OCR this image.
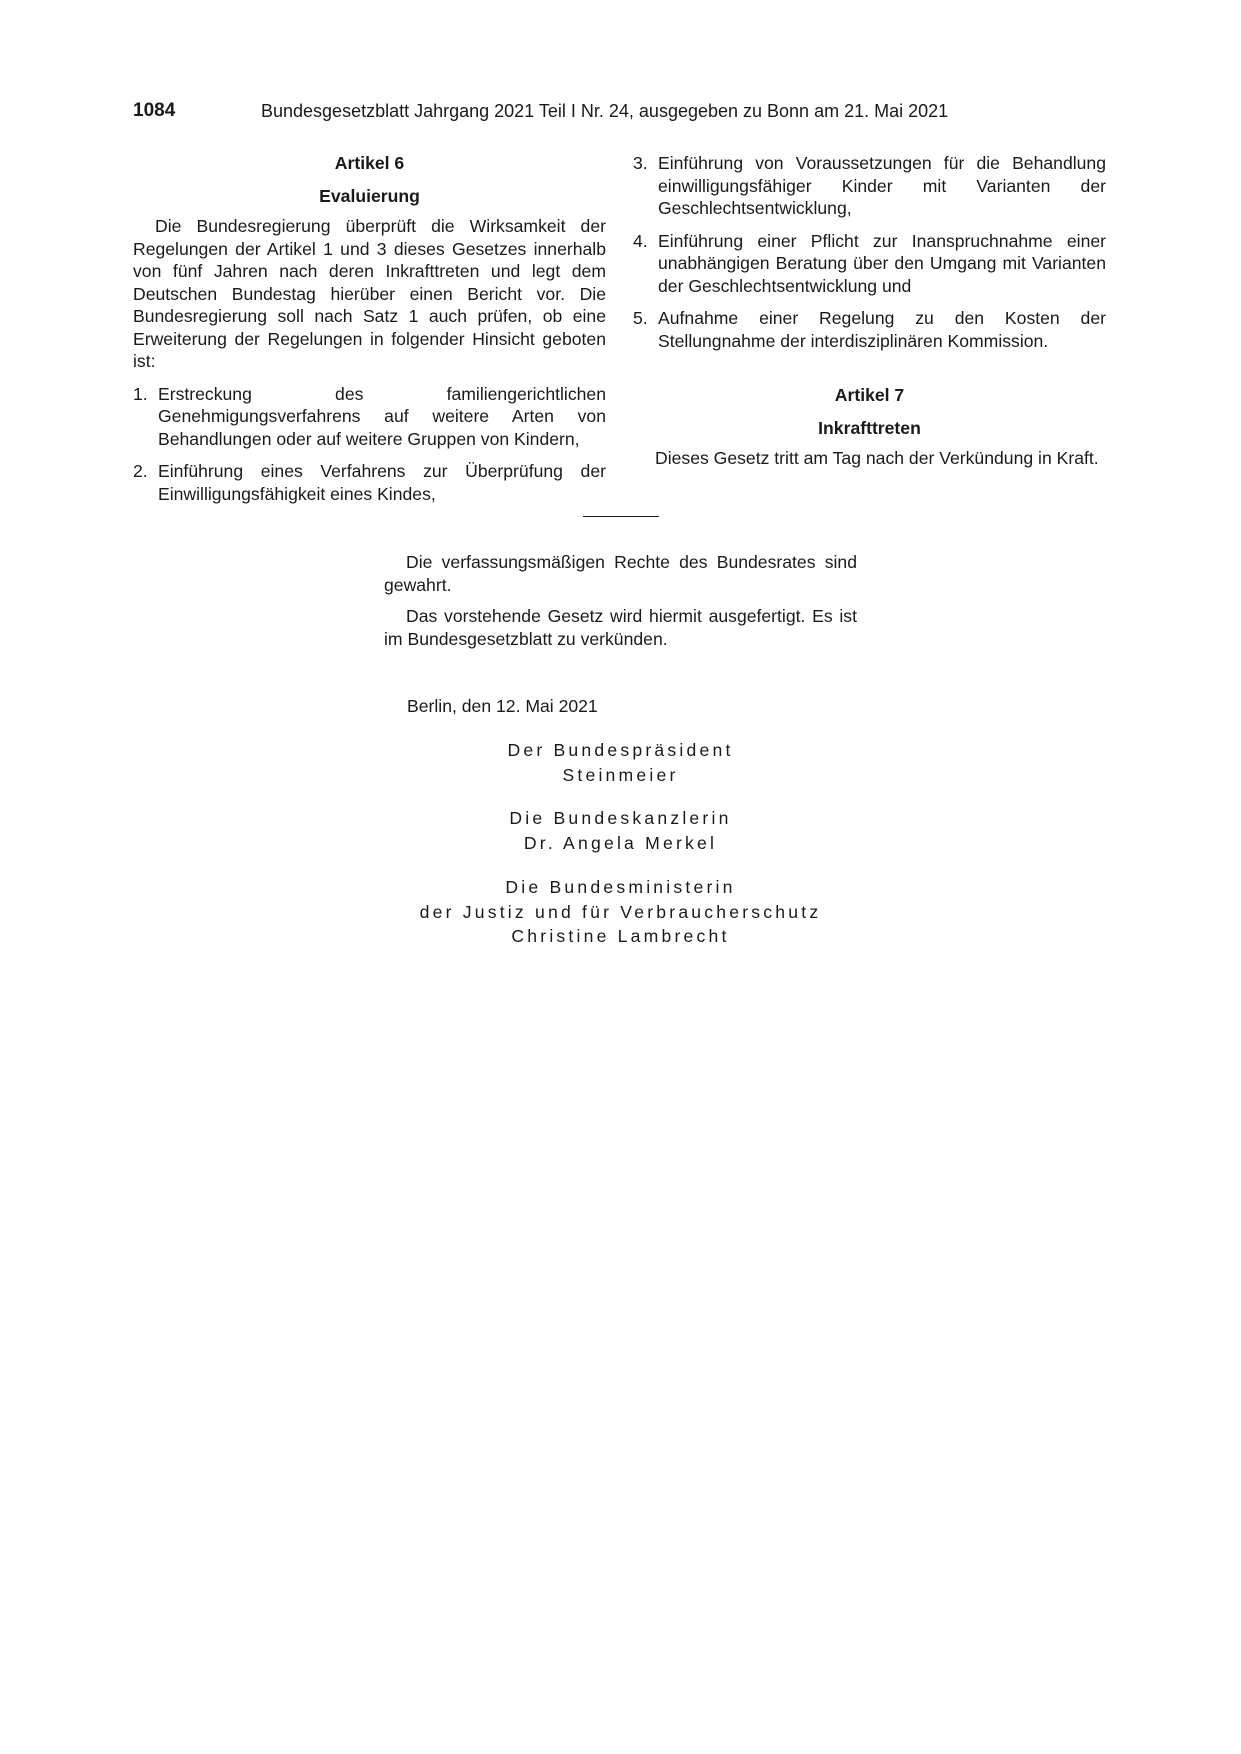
1084	Bundesgesetzblatt Jahrgang 2021 Teil I Nr. 24, ausgegeben zu Bonn am 21. Mai 2021
Artikel 6
Evaluierung

Die Bundesregierung überprüft die Wirksamkeit der Regelungen der Artikel 1 und 3 dieses Gesetzes innerhalb von fünf Jahren nach deren Inkrafttreten und legt dem Deutschen Bundestag hierüber einen Bericht vor. Die Bundesregierung soll nach Satz 1 auch prüfen, ob eine Erweiterung der Regelungen in folgender Hinsicht geboten ist:

1. Erstreckung des familiengerichtlichen Genehmigungsverfahrens auf weitere Arten von Behandlungen oder auf weitere Gruppen von Kindern,
2. Einführung eines Verfahrens zur Überprüfung der Einwilligungsfähigkeit eines Kindes,
3. Einführung von Voraussetzungen für die Behandlung einwilligungsfähiger Kinder mit Varianten der Geschlechtsentwicklung,
4. Einführung einer Pflicht zur Inanspruchnahme einer unabhängigen Beratung über den Umgang mit Varianten der Geschlechtsentwicklung und
5. Aufnahme einer Regelung zu den Kosten der Stellungnahme der interdisziplinären Kommission.
Artikel 7
Inkrafttreten

Dieses Gesetz tritt am Tag nach der Verkündung in Kraft.

Die verfassungsmäßigen Rechte des Bundesrates sind gewahrt.

Das vorstehende Gesetz wird hiermit ausgefertigt. Es ist im Bundesgesetzblatt zu verkünden.

Berlin, den 12. Mai 2021
Der Bundespräsident
Steinmeier
Die Bundeskanzlerin
Dr. Angela Merkel
Die Bundesministerin
der Justiz und für Verbraucherschutz
Christine Lambrecht
